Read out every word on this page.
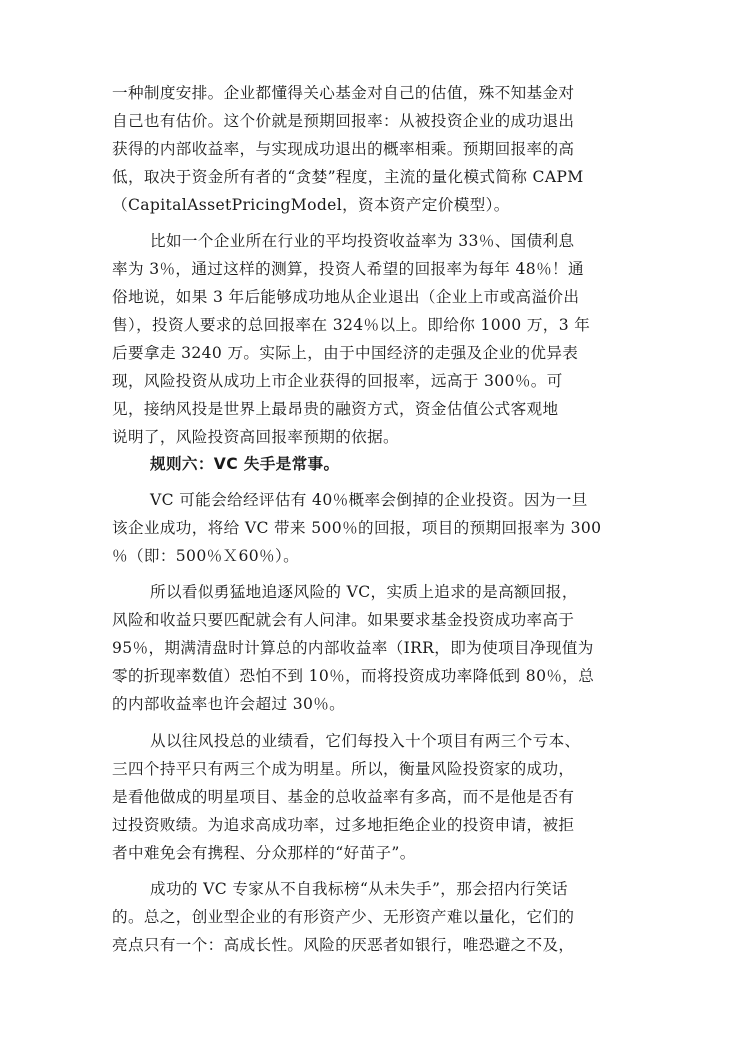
一种制度安排。企业都懂得关心基金对自己的估值，殊不知基金对
自己也有估价。这个价就是预期回报率：从被投资企业的成功退出
获得的内部收益率，与实现成功退出的概率相乘。预期回报率的高
低，取决于资金所有者的“贪婪”程度，主流的量化模式简称 CAPM
（CapitalAssetPricingModel，资本资产定价模型）。
比如一个企业所在行业的平均投资收益率为 33％、国债利息
率为 3％，通过这样的测算，投资人希望的回报率为每年 48％！通
俗地说，如果 3 年后能够成功地从企业退出（企业上市或高溢价出
售），投资人要求的总回报率在 324％以上。即给你 1000 万，3 年
后要拿走 3240 万。实际上，由于中国经济的走强及企业的优异表
现，风险投资从成功上市企业获得的回报率，远高于 300％。可
见，接纳风投是世界上最昂贵的融资方式，资金估值公式客观地
说明了，风险投资高回报率预期的依据。
规则六：VC 失手是常事。
VC 可能会给经评估有 40％概率会倒掉的企业投资。因为一旦
该企业成功，将给 VC 带来 500％的回报，项目的预期回报率为 300
％（即：500％Ｘ60％）。
所以看似勇猛地追逐风险的 VC，实质上追求的是高额回报，
风险和收益只要匹配就会有人问津。如果要求基金投资成功率高于
95％，期满清盘时计算总的内部收益率（IRR，即为使项目净现值为
零的折现率数值）恐怕不到 10％，而将投资成功率降低到 80％，总
的内部收益率也许会超过 30％。
从以往风投总的业绩看，它们每投入十个项目有两三个亏本、
三四个持平只有两三个成为明星。所以，衡量风险投资家的成功，
是看他做成的明星项目、基金的总收益率有多高，而不是他是否有
过投资败绩。为追求高成功率，过多地拒绝企业的投资申请，被拒
者中难免会有携程、分众那样的“好苗子”。
成功的 VC 专家从不自我标榜“从未失手”，那会招内行笑话
的。总之，创业型企业的有形资产少、无形资产难以量化，它们的
亮点只有一个：高成长性。风险的厌恶者如银行，唯恐避之不及，
